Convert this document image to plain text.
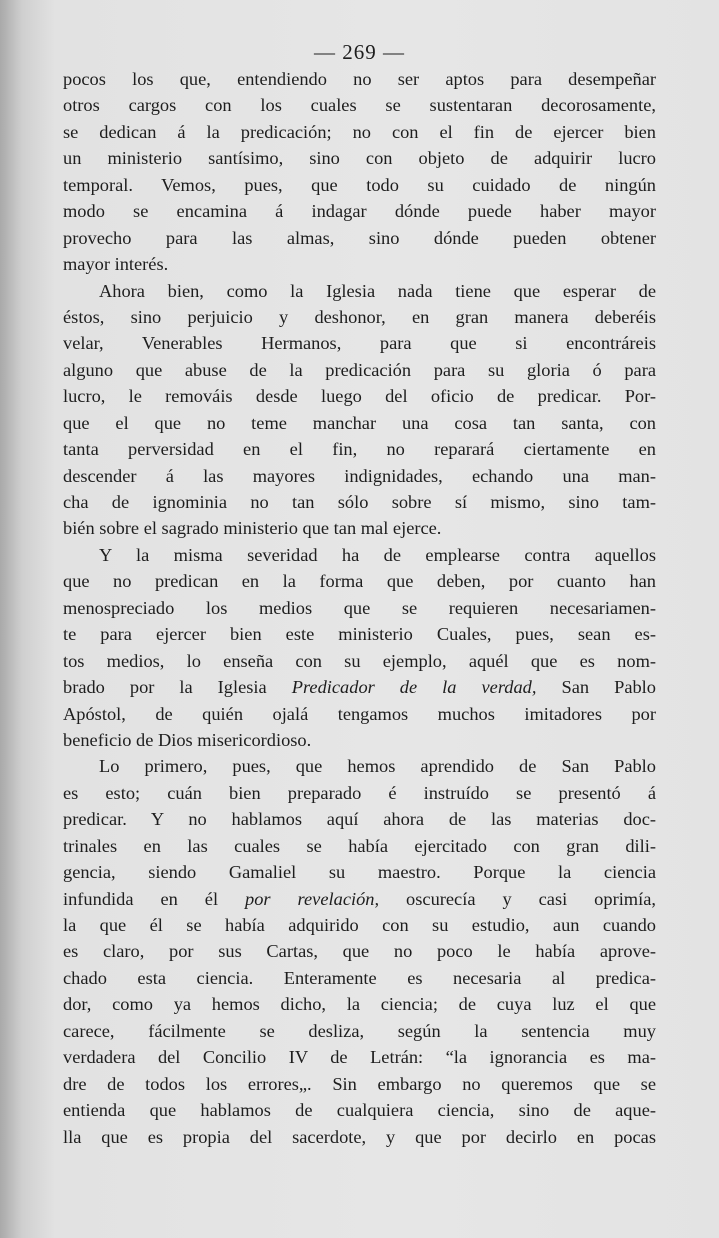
— 269 —
pocos los que, entendiendo no ser aptos para desempeñar
otros cargos con los cuales se sustentaran decorosamente,
se dedican á la predicación; no con el fin de ejercer bien
un ministerio santísimo, sino con objeto de adquirir lucro
temporal. Vemos, pues, que todo su cuidado de ningún
modo se encamina á indagar dónde puede haber mayor
provecho para las almas, sino dónde pueden obtener
mayor interés.
Ahora bien, como la Iglesia nada tiene que esperar de
éstos, sino perjuicio y deshonor, en gran manera deberéis
velar, Venerables Hermanos, para que si encontráreis
alguno que abuse de la predicación para su gloria ó para
lucro, le remováis desde luego del oficio de predicar. Por-
que el que no teme manchar una cosa tan santa, con
tanta perversidad en el fin, no reparará ciertamente en
descender á las mayores indignidades, echando una man-
cha de ignominia no tan sólo sobre sí mismo, sino tam-
bién sobre el sagrado ministerio que tan mal ejerce.
Y la misma severidad ha de emplearse contra aquellos
que no predican en la forma que deben, por cuanto han
menospreciado los medios que se requieren necesariamen-
te para ejercer bien este ministerio Cuales, pues, sean es-
tos medios, lo enseña con su ejemplo, aquél que es nom-
brado por la Iglesia Predicador de la verdad, San Pablo
Apóstol, de quién ojalá tengamos muchos imitadores por
beneficio de Dios misericordioso.
Lo primero, pues, que hemos aprendido de San Pablo
es esto; cuán bien preparado é instruído se presentó á
predicar. Y no hablamos aquí ahora de las materias doc-
trinales en las cuales se había ejercitado con gran dili-
gencia, siendo Gamaliel su maestro. Porque la ciencia
infundida en él por revelación, oscurecía y casi oprimía,
la que él se había adquirido con su estudio, aun cuando
es claro, por sus Cartas, que no poco le había aprove-
chado esta ciencia. Enteramente es necesaria al predica-
dor, como ya hemos dicho, la ciencia; de cuya luz el que
carece, fácilmente se desliza, según la sentencia muy
verdadera del Concilio IV de Letrán: “la ignorancia es ma-
dre de todos los errores„. Sin embargo no queremos que se
entienda que hablamos de cualquiera ciencia, sino de aque-
lla que es propia del sacerdote, y que por decirlo en pocas
